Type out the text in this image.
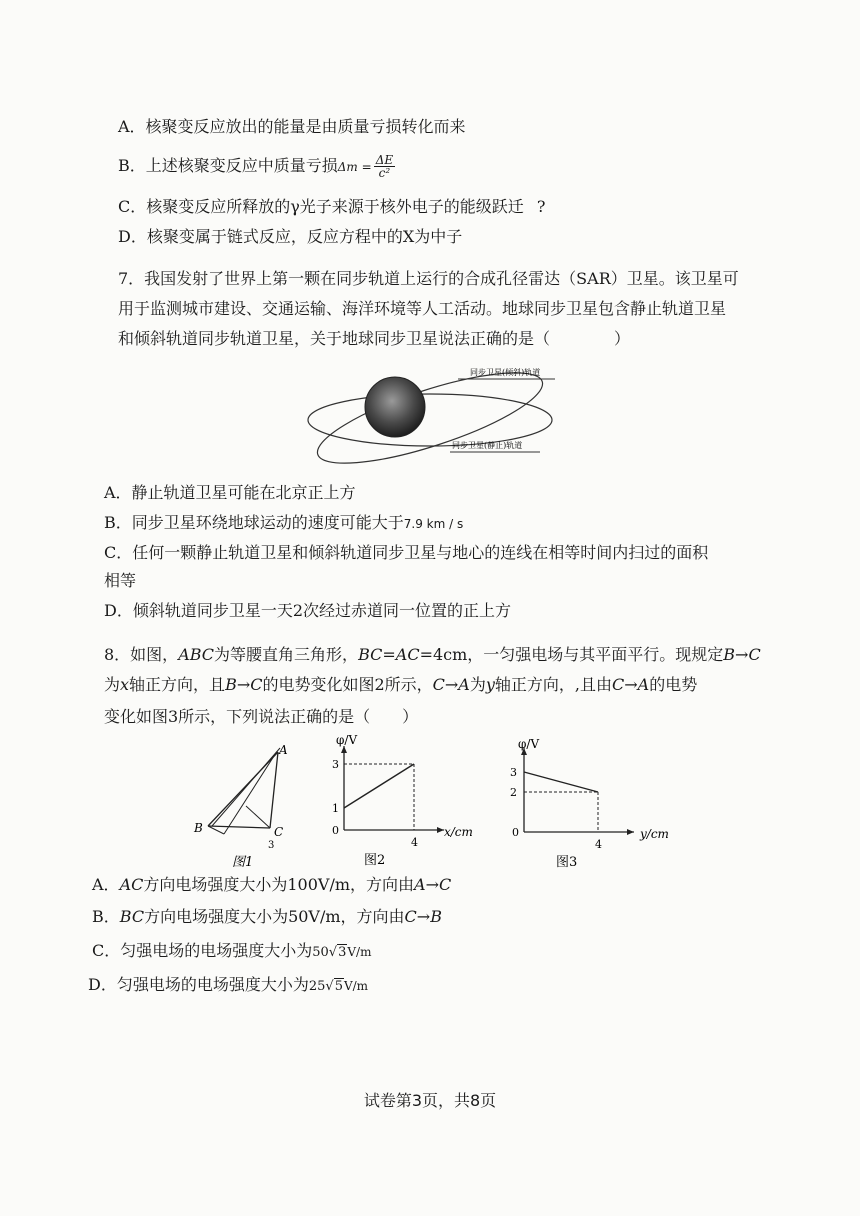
A．核聚变反应放出的能量是由质量亏损转化而来
B．上述核聚变反应中质量亏损$\Delta m = \frac{\Delta E}{\text{c²}}$
C．核聚变反应所释放的γ光子来源于核外电子的能级跃迁 ?
D．核聚变属于链式反应，反应方程中的X为中子
7．我国发射了世界上第一颗在同步轨道上运行的合成孔径雷达（SAR）卫星。该卫星可
用于监测城市建设、交通运输、海洋环境等人工活动。地球同步卫星包含静止轨道卫星
和倾斜轨道同步轨道卫星，关于地球同步卫星说法正确的是（　　　　）
同步卫星(倾斜)轨道
同步卫星(静止)轨道
A．静止轨道卫星可能在北京正上方
B．同步卫星环绕地球运动的速度可能大于7.9 km / s
C．任何一颗静止轨道卫星和倾斜轨道同步卫星与地心的连线在相等时间内扫过的面积
相等
D．倾斜轨道同步卫星一天2次经过赤道同一位置的正上方
8．如图，ABC为等腰直角三角形，BC=AC=4cm，一匀强电场与其平面平行。现规定B→C
为x轴正方向，且B→C的电势变化如图2所示，C→A为y轴正方向，,且由C→A的电势
变化如图3所示，下列说法正确的是（　　）
A
B	C
3
图1
φ/V
x/cm
3
1
0
4
图2
φ/V
y/cm
3
2
0
4
图3
A．AC方向电场强度大小为100V/m，方向由A→C
B．BC方向电场强度大小为50V/m，方向由C→B
C．匀强电场的电场强度大小为50√3V/m
D．匀强电场的电场强度大小为25√5V/m
试卷第3页，共8页
